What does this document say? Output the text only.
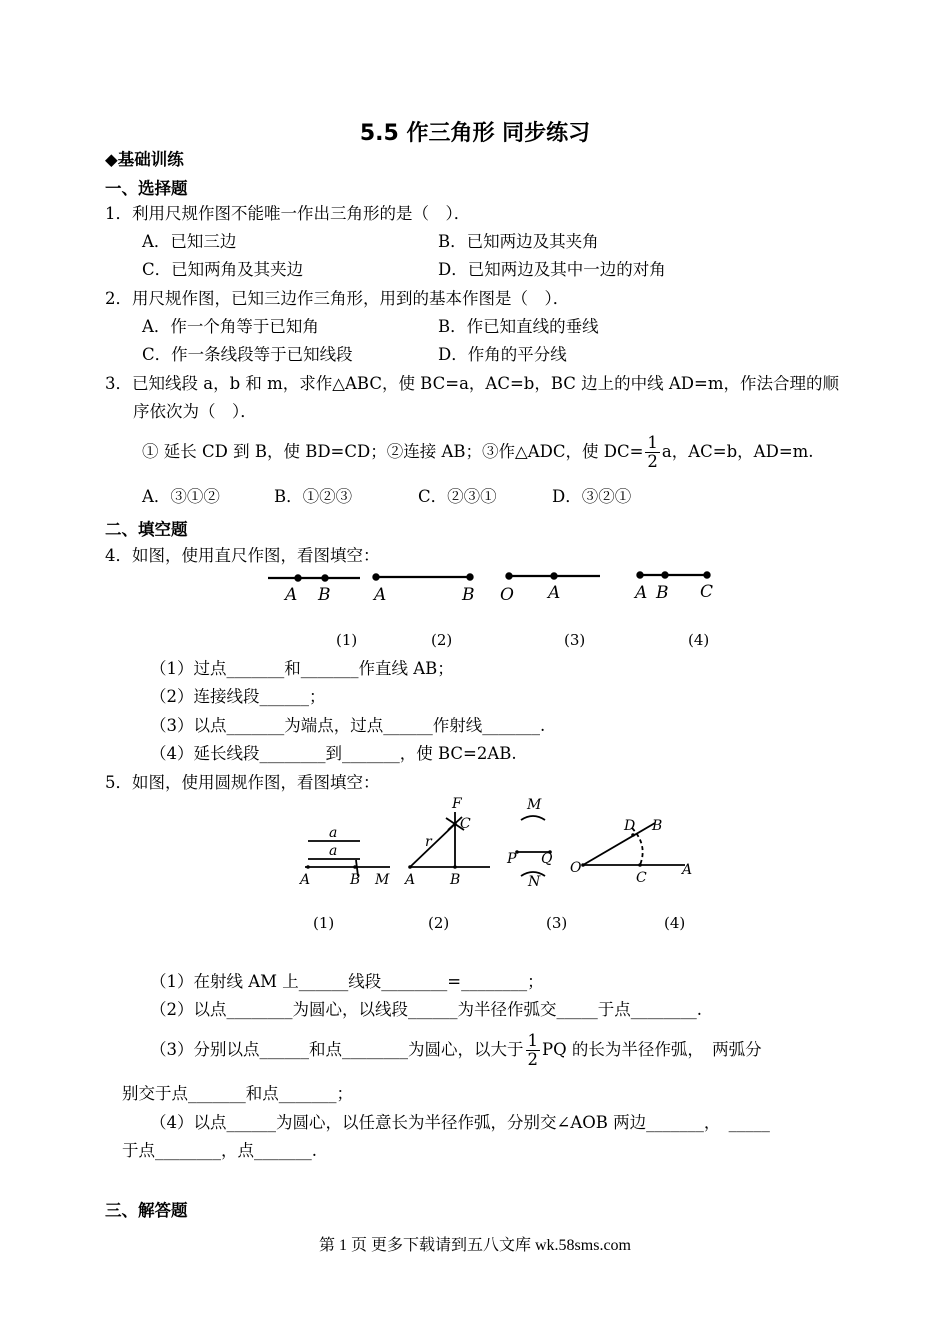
5.5 作三角形 同步练习
◆基础训练
一、选择题
1．利用尺规作图不能唯一作出三角形的是（　）．
A．已知三边	B．已知两边及其夹角
C．已知两角及其夹边	D．已知两边及其中一边的对角
2．用尺规作图，已知三边作三角形，用到的基本作图是（　）．
A．作一个角等于已知角	B．作已知直线的垂线
C．作一条线段等于已知线段	D．作角的平分线
3．已知线段 a，b 和 m，求作△ABC，使 BC=a，AC=b，BC 边上的中线 AD=m，作法合理的顺
序依次为（　）．
① 延长 CD 到 B，使 BD=CD；②连接 AB；③作△ADC，使 $DC= \frac{1}{2}$ a，AC=b，AD=m.
A．③①②	B．①②③	C．②③①	D．③②①
二、填空题
4．如图，使用直尺作图，看图填空：
A B	A	B O A	A B C
(1)	(2)	(3)	(4)
（1）过点_______和_______作直线 AB；
（2）连接线段______；
（3）以点_______为端点，过点______作射线_______.
（4）延长线段________到_______，使 BC=2AB.
5．如图，使用圆规作图，看图填空：
a
a
A	B M
F
C
r
A B
M
P Q
N
O
D B
C	A
(1)	(2)	(3)	(4)
（1）在射线 AM 上______线段________=________；
（2）以点________为圆心，以线段______为半径作弧交_____于点________.
（3）分别以点______和点________为圆心，以大于 $\frac{1}{2}$ PQ 的长为半径作弧，　两弧分
别交于点_______和点_______；
（4）以点______为圆心，以任意长为半径作弧，分别交∠AOB 两边_______，　_____
于点________，点_______.
三、解答题
第 1 页 更多下载请到五八文库 wk.58sms.com
